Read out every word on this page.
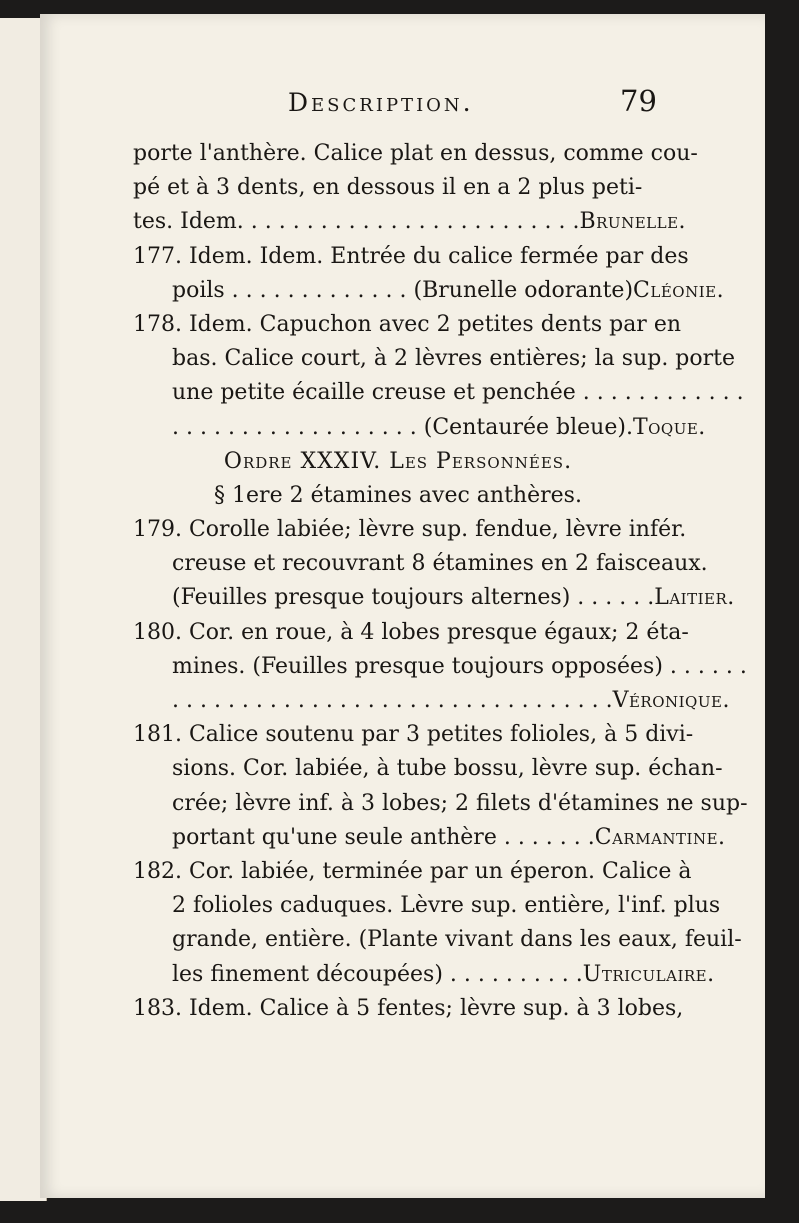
Description.	79
porte l'anthère. Calice plat en dessus, comme cou-
pé et à 3 dents, en dessous il en a 2 plus peti-
tes. Idem. . . . . . . . . . . . . . . . . . . . . . . . . Brunelle.
177. Idem. Idem. Entrée du calice fermée par des
poils . . . . . . . . . . . . . (Brunelle odorante) Cléonie.
178. Idem. Capuchon avec 2 petites dents par en
bas. Calice court, à 2 lèvres entières; la sup. porte
une petite écaille creuse et penchée . . . . . . . . . . . .
. . . . . . . . . . . . . . . . . . (Centaurée bleue). Toque.
Ordre XXXIV. Les Personnées.
§ 1ere 2 étamines avec anthères.
179. Corolle labiée; lèvre sup. fendue, lèvre infér.
creuse et recouvrant 8 étamines en 2 faisceaux.
(Feuilles presque toujours alternes) . . . . . . Laitier.
180. Cor. en roue, à 4 lobes presque égaux; 2 éta-
mines. (Feuilles presque toujours opposées) . . . . . .
. . . . . . . . . . . . . . . . . . . . . . . . . . . . . . . . Véronique.
181. Calice soutenu par 3 petites folioles, à 5 divi-
sions. Cor. labiée, à tube bossu, lèvre sup. échan-
crée; lèvre inf. à 3 lobes; 2 filets d'étamines ne sup-
portant qu'une seule anthère . . . . . . . Carmantine.
182. Cor. labiée, terminée par un éperon. Calice à
2 folioles caduques. Lèvre sup. entière, l'inf. plus
grande, entière. (Plante vivant dans les eaux, feuil-
les finement découpées) . . . . . . . . . . Utriculaire.
183. Idem. Calice à 5 fentes; lèvre sup. à 3 lobes,
